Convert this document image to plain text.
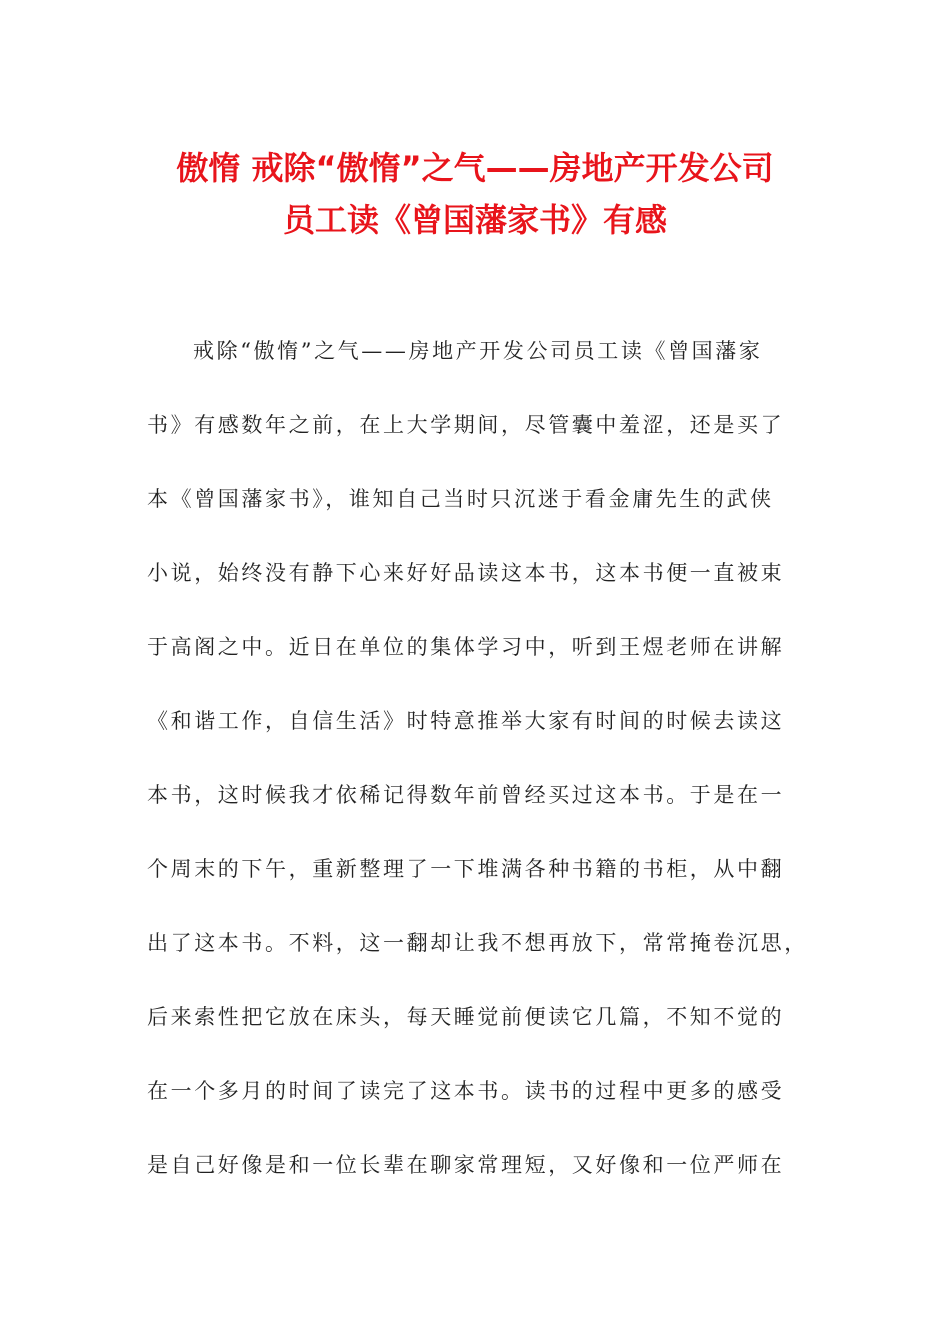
傲惰 戒除“傲惰”之气——房地产开发公司
员工读《曾国藩家书》有感
戒除“傲惰”之气——房地产开发公司员工读《曾国藩家
书》有感数年之前，在上大学期间，尽管囊中羞涩，还是买了
本《曾国藩家书》，谁知自己当时只沉迷于看金庸先生的武侠
小说，始终没有静下心来好好品读这本书，这本书便一直被束
于高阁之中。近日在单位的集体学习中，听到王煜老师在讲解
《和谐工作，自信生活》时特意推举大家有时间的时候去读这
本书，这时候我才依稀记得数年前曾经买过这本书。于是在一
个周末的下午，重新整理了一下堆满各种书籍的书柜，从中翻
出了这本书。不料，这一翻却让我不想再放下，常常掩卷沉思，
后来索性把它放在床头，每天睡觉前便读它几篇，不知不觉的
在一个多月的时间了读完了这本书。读书的过程中更多的感受
是自己好像是和一位长辈在聊家常理短，又好像和一位严师在
